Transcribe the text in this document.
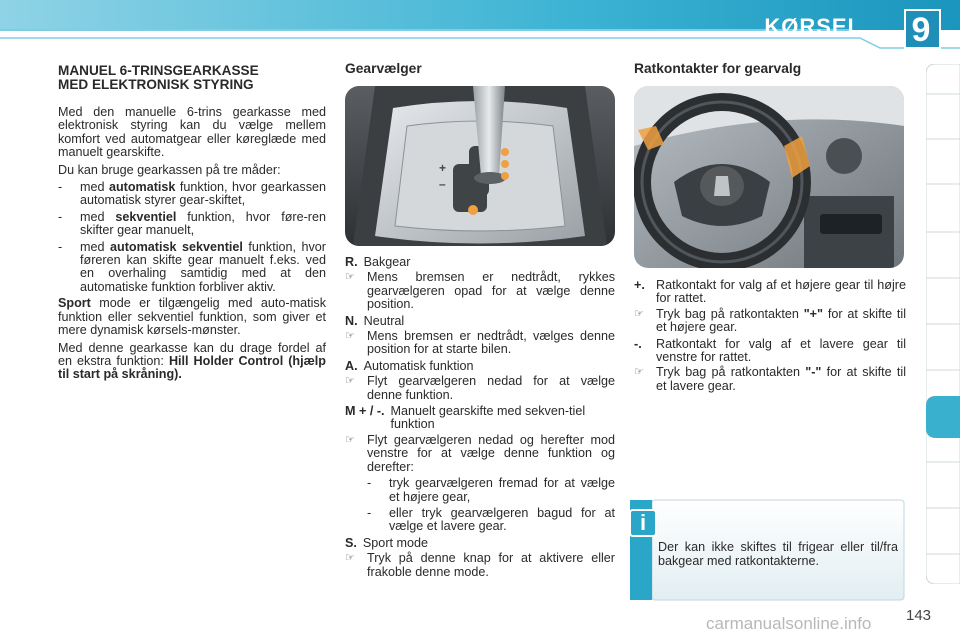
KØRSEL 9
MANUEL 6-TRINSGEARKASSE
MED ELEKTRONISK STYRING

Med den manuelle 6-trins gearkasse med elektronisk styring kan du vælge mellem komfort ved automatgear eller køreglæde med manuelt gearskifte.

Du kan bruge gearkassen på tre måder:

-	med automatisk funktion, hvor gearkassen automatisk styrer gear-skiftet,
-	med sekventiel funktion, hvor føre-ren skifter gear manuelt,
-	med automatisk sekventiel funktion, hvor føreren kan skifte gear manuelt f.eks. ved en overhaling samtidig med at den automatiske funktion forbliver aktiv.

Sport mode er tilgængelig med auto-matisk funktion eller sekventiel funktion, som giver et mere dynamisk kørsels-mønster.

Med denne gearkasse kan du drage fordel af en ekstra funktion: Hill Holder Control (hjælp til start på skråning).

Gearvælger
+
–
R. Bakgear
☞ Mens bremsen er nedtrådt, rykkes gearvælgeren opad for at vælge denne position.
N. Neutral
☞ Mens bremsen er nedtrådt, vælges denne position for at starte bilen.
A. Automatisk funktion
☞ Flyt gearvælgeren nedad for at vælge denne funktion.
M + / -. Manuelt gearskifte med sekven-tiel funktion
☞ Flyt gearvælgeren nedad og herefter mod venstre for at vælge denne funktion og derefter:
-	tryk gearvælgeren fremad for at vælge et højere gear,
-	eller tryk gearvælgeren bagud for at vælge et lavere gear.
S. Sport mode
☞ Tryk på denne knap for at aktivere eller frakoble denne mode.
Ratkontakter for gearvalg
+. Ratkontakt for valg af et højere gear til højre for rattet.
☞ Tryk bag på ratkontakten "+" for at skifte til et højere gear.
-.	Ratkontakt for valg af et lavere gear til venstre for rattet.
☞ Tryk bag på ratkontakten "-" for at skifte til et lavere gear.
i
Der kan ikke skiftes til frigear eller til/fra bakgear med ratkontakterne.
carmanualsonline.info 143
